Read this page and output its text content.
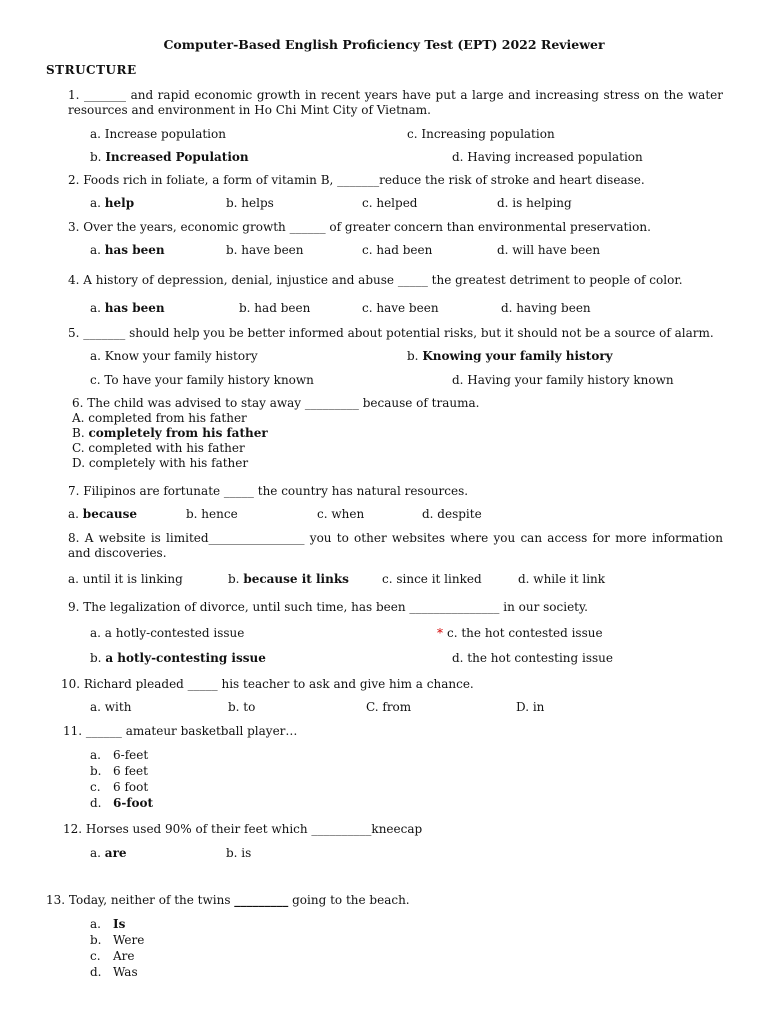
Computer-Based English Proficiency Test (EPT) 2022 Reviewer
STRUCTURE
1. _______ and rapid economic growth in recent years have put a large and increasing stress on the water resources and environment in Ho Chi Mint City of Vietnam.
a. Increase population	c. Increasing population
b. Increased Population	d. Having increased population
2. Foods rich in foliate, a form of vitamin B, _______reduce the risk of stroke and heart disease.
a. help	b. helps	c. helped	d. is helping
3. Over the years, economic growth ______ of greater concern than environmental preservation.
a. has been	b. have been	c. had been	d. will have been
4. A history of depression, denial, injustice and abuse _____ the greatest detriment to people of color.
a. has been	b. had been	c. have been	d. having been
5. _______ should help you be better informed about potential risks, but it should not be a source of alarm.
a. Know your family history	b. Knowing your family history
c. To have your family history known	d. Having your family history known
6. The child was advised to stay away _________ because of trauma.
A. completed from his father
B. completely from his father
C. completed with his father
D. completely with his father
7. Filipinos are fortunate _____ the country has natural resources.
a. because	b. hence	c. when	d. despite
8. A website is limited________________ you to other websites where you can access for more information and discoveries.
a. until it is linking	b. because it links	c. since it linked	d. while it link
9. The legalization of divorce, until such time, has been _______________ in our society.
a. a hotly-contested issue	* c. the hot contested issue
b. a hotly-contesting issue	d. the hot contesting issue
10. Richard pleaded _____ his teacher to ask and give him a chance.
a. with	b. to	C. from	D. in
11. ______ amateur basketball player…
a. 6-feet
b. 6 feet
c. 6 foot
d. 6-foot
12. Horses used 90% of their feet which __________kneecap
a. are	b. is
13. Today, neither of the twins _________ going to the beach.
a. Is
b. Were
c. Are
d. Was
